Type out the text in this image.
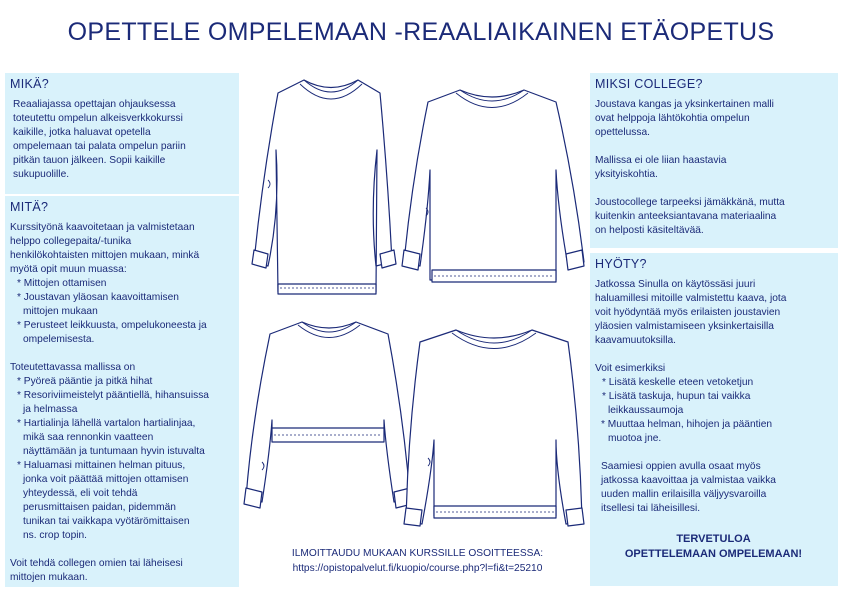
OPETTELE OMPELEMAAN -REAALIAIKAINEN ETÄOPETUS
MIKÄ?

Reaaliajassa opettajan ohjauksessa

toteutettu ompelun alkeisverkkokurssi

kaikille, jotka haluavat opetella

ompelemaan tai palata ompelun pariin

pitkän tauon jälkeen. Sopii kaikille

sukupuolille.

MITÄ?

Kurssityönä kaavoitetaan ja valmistetaan

helppo collegepaita/-tunika

henkilökohtaisten mittojen mukaan, minkä

myötä opit muun muassa:

* Mittojen ottamisen

* Joustavan yläosan kaavoittamisen

mittojen mukaan

* Perusteet leikkuusta, ompelukoneesta ja

ompelemisesta.

Toteutettavassa mallissa on

* Pyöreä pääntie ja pitkä hihat

* Resoriviimeistelyt pääntiellä, hihansuissa

ja helmassa

* Hartialinja lähellä vartalon hartialinjaa,

mikä saa rennonkin vaatteen

näyttämään ja tuntumaan hyvin istuvalta

* Haluamasi mittainen helman pituus,

jonka voit päättää mittojen ottamisen

yhteydessä, eli voit tehdä

perusmittaisen paidan, pidemmän

tunikan tai vaikkapa vyötärömittaisen

ns. crop topin.

Voit tehdä collegen omien tai läheisesi

mittojen mukaan.

MIKSI COLLEGE?

Joustava kangas ja yksinkertainen malli

ovat helppoja lähtökohtia ompelun

opettelussa.

Mallissa ei ole liian haastavia

yksityiskohtia.

Joustocollege tarpeeksi jämäkkänä, mutta

kuitenkin anteeksiantavana materiaalina

on helposti käsiteltävää.

HYÖTY?

Jatkossa Sinulla on käytössäsi juuri

haluamillesi mitoille valmistettu kaava, jota

voit hyödyntää myös erilaisten joustavien

yläosien valmistamiseen yksinkertaisilla

kaavamuutoksilla.

Voit esimerkiksi

* Lisätä keskelle eteen vetoketjun

* Lisätä taskuja, hupun tai vaikka

leikkaussaumoja

* Muuttaa helman, hihojen ja pääntien

muotoa jne.

Saamiesi oppien avulla osaat myös

jatkossa kaavoittaa ja valmistaa vaikka

uuden mallin erilaisilla väljyysvaroilla

itsellesi tai läheisillesi.

TERVETULOA

OPETTELEMAAN OMPELEMAAN!

ILMOITTAUDU MUKAAN KURSSILLE OSOITTEESSA:
https://opistopalvelut.fi/kuopio/course.php?l=fi&t=25210
